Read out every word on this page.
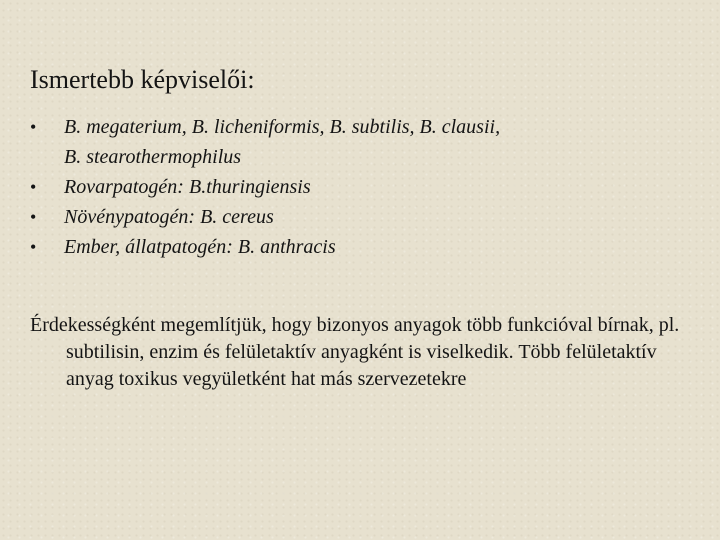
Ismertebb képviselői:
• B. megaterium, B. licheniformis, B. subtilis, B. clausii,
B. stearothermophilus
• Rovarpatogén: B.thuringiensis
• Növénypatogén: B. cereus
• Ember, állatpatogén: B. anthracis
Érdekességként megemlítjük, hogy bizonyos anyagok több funkcióval bírnak, pl. subtilisin, enzim és felületaktív anyagként is viselkedik. Több felületaktív anyag toxikus vegyületként hat más szervezetekre
